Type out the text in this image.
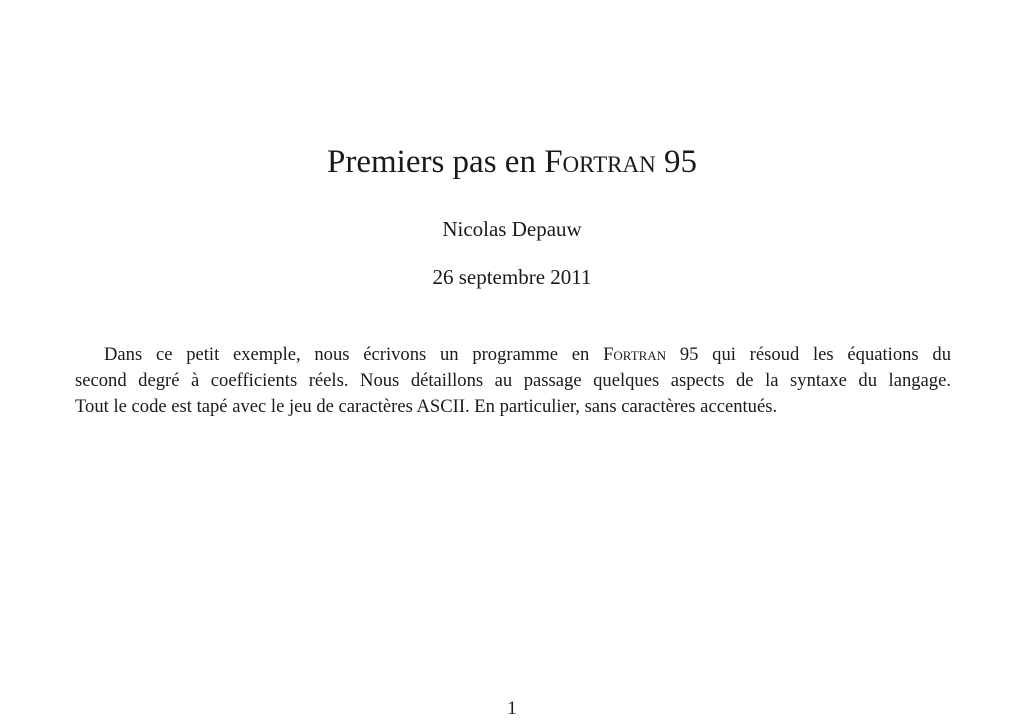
Premiers pas en Fortran 95
Nicolas Depauw
26 septembre 2011
Dans ce petit exemple, nous écrivons un programme en Fortran 95 qui résoud les équations du
second degré à coefficients réels. Nous détaillons au passage quelques aspects de la syntaxe du langage.
Tout le code est tapé avec le jeu de caractères ASCII. En particulier, sans caractères accentués.
1
